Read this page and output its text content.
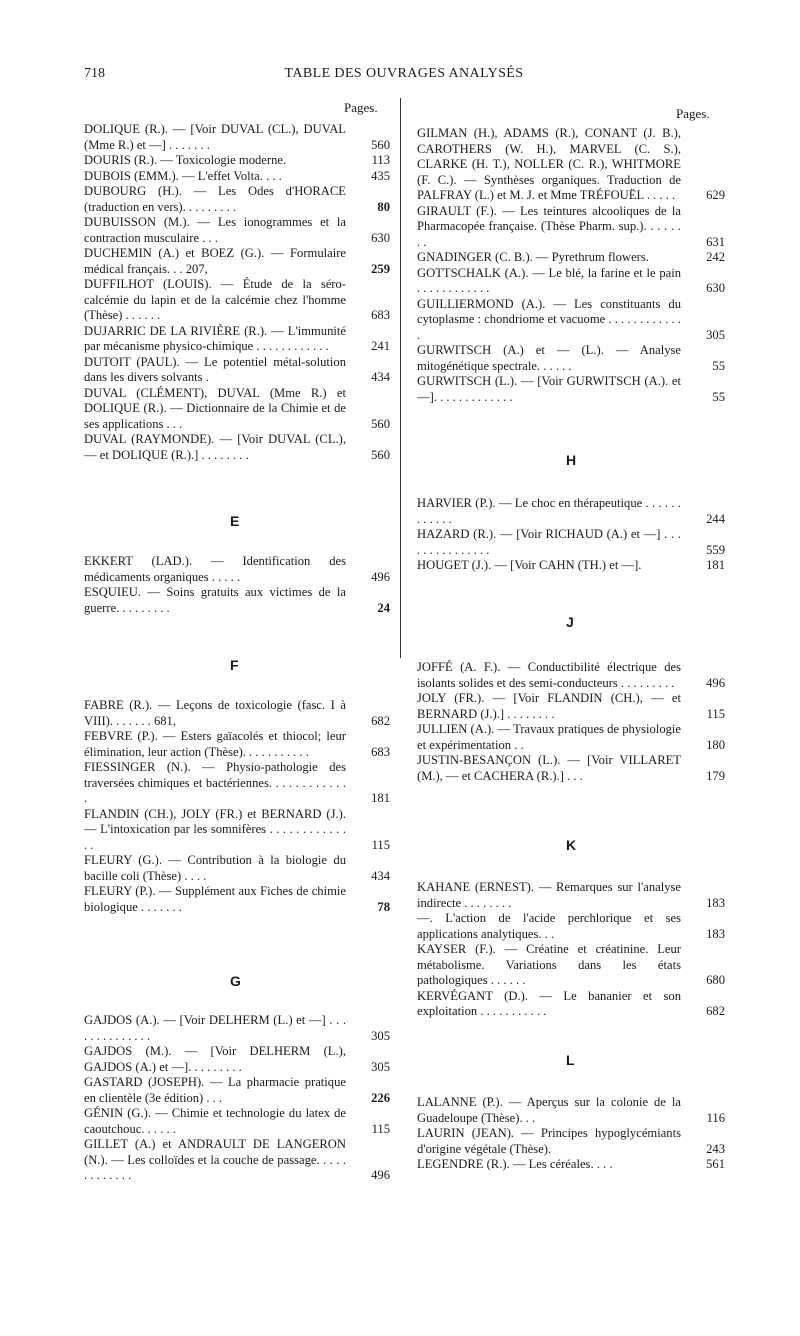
718	TABLE DES OUVRAGES ANALYSÉS
Pages.	Pages.
DOLIQUE (R.). — [Voir DUVAL (CL.), DUVAL (Mme R.) et —] . . . . . . .	560
DOURIS (R.). — Toxicologie moderne.	113
DUBOIS (EMM.). — L'effet Volta. . . .	435
DUBOURG (H.). — Les Odes d'HORACE (traduction en vers). . . . . . . . .	80
DUBUISSON (M.). — Les ionogrammes et la contraction musculaire . . .	630
DUCHEMIN (A.) et BOEZ (G.). — Formulaire médical français. . . 207,	259
DUFFILHOT (LOUIS). — Étude de la séro-calcémie du lapin et de la calcémie chez l'homme (Thèse) . . . . . .	683
DUJARRIC DE LA RIVIÈRE (R.). — L'immunité par mécanisme physico-chimique . . . . . . . . . . . .	241
DUTOIT (PAUL). — Le potentiel métal-solution dans les divers solvants .	434
DUVAL (CLÉMENT), DUVAL (Mme R.) et DOLIQUE (R.). — Dictionnaire de la Chimie et de ses applications . . .	560
DUVAL (RAYMONDE). — [Voir DUVAL (CL.), — et DOLIQUE (R.).] . . . . . . . .	560
E
EKKERT (LAD.). — Identification des médicaments organiques . . . . .	496
ESQUIEU. — Soins gratuits aux victimes de la guerre. . . . . . . . .	24
F
FABRE (R.). — Leçons de toxicologie (fasc. I à VIII). . . . . . . 681,	682
FEBVRE (P.). — Esters gaïacolés et thiocol; leur élimination, leur action (Thèse). . . . . . . . . . .	683
FIESSINGER (N.). — Physio-pathologie des traversées chimiques et bactériennes. . . . . . . . . . . . .	181
FLANDIN (CH.), JOLY (FR.) et BERNARD (J.). — L'intoxication par les somnifères . . . . . . . . . . . . . .	115
FLEURY (G.). — Contribution à la biologie du bacille coli (Thèse) . . . .	434
FLEURY (P.). — Supplément aux Fiches de chimie biologique . . . . . . .	78
G
GAJDOS (A.). — [Voir DELHERM (L.) et —] . . . . . . . . . . . . . .	305
GAJDOS (M.). — [Voir DELHERM (L.), GAJDOS (A.) et —]. . . . . . . . .	305
GASTARD (JOSEPH). — La pharmacie pratique en clientèle (3e édition) . . .	226
GÉNIN (G.). — Chimie et technologie du latex de caoutchouc. . . . . .	115
GILLET (A.) et ANDRAULT DE LANGERON (N.). — Les colloïdes et la couche de passage. . . . . . . . . . . . .	496
GILMAN (H.), ADAMS (R.), CONANT (J. B.), CAROTHERS (W. H.), MARVEL (C. S.), CLARKE (H. T.), NOLLER (C. R.), WHITMORE (F. C.). — Synthèses organiques. Traduction de PALFRAY (L.) et M. J. et Mme TRÉFOUËL . . . . .	629
GIRAULT (F.). — Les teintures alcooliques de la Pharmacopée française. (Thèse Pharm. sup.). . . . . . . .	631
GNADINGER (C. B.). — Pyrethrum flowers.	242
GOTTSCHALK (A.). — Le blé, la farine et le pain . . . . . . . . . . . .	630
GUILLIERMOND (A.). — Les constituants du cytoplasme : chondriome et vacuome . . . . . . . . . . . . .	305
GURWITSCH (A.) et — (L.). — Analyse mitogénétique spectrale. . . . . .	55
GURWITSCH (L.). — [Voir GURWITSCH (A.). et —]. . . . . . . . . . . . .	55
H
HARVIER (P.). — Le choc en thérapeutique . . . . . . . . . . . .	244
HAZARD (R.). — [Voir RICHAUD (A.) et —] . . . . . . . . . . . . . . .	559
HOUGET (J.). — [Voir CAHN (TH.) et —].	181
J
JOFFÉ (A. F.). — Conductibilité électrique des isolants solides et des semi-conducteurs . . . . . . . . .	496
JOLY (FR.). — [Voir FLANDIN (CH.), — et BERNARD (J.).] . . . . . . . .	115
JULLIEN (A.). — Travaux pratiques de physiologie et expérimentation . .	180
JUSTIN-BESANÇON (L.). — [Voir VILLARET (M.), — et CACHERA (R.).] . . .	179
K
KAHANE (ERNEST). — Remarques sur l'analyse indirecte . . . . . . . .	183
—. L'action de l'acide perchlorique et ses applications analytiques. . .	183
KAYSER (F.). — Créatine et créatinine. Leur métabolisme. Variations dans les états pathologiques . . . . . .	680
KERVÉGANT (D.). — Le bananier et son exploitation . . . . . . . . . . .	682
L
LALANNE (P.). — Aperçus sur la colonie de la Guadeloupe (Thèse). . .	116
LAURIN (JEAN). — Principes hypoglycémiants d'origine végétale (Thèse).	243
LEGENDRE (R.). — Les céréales. . . .	561
